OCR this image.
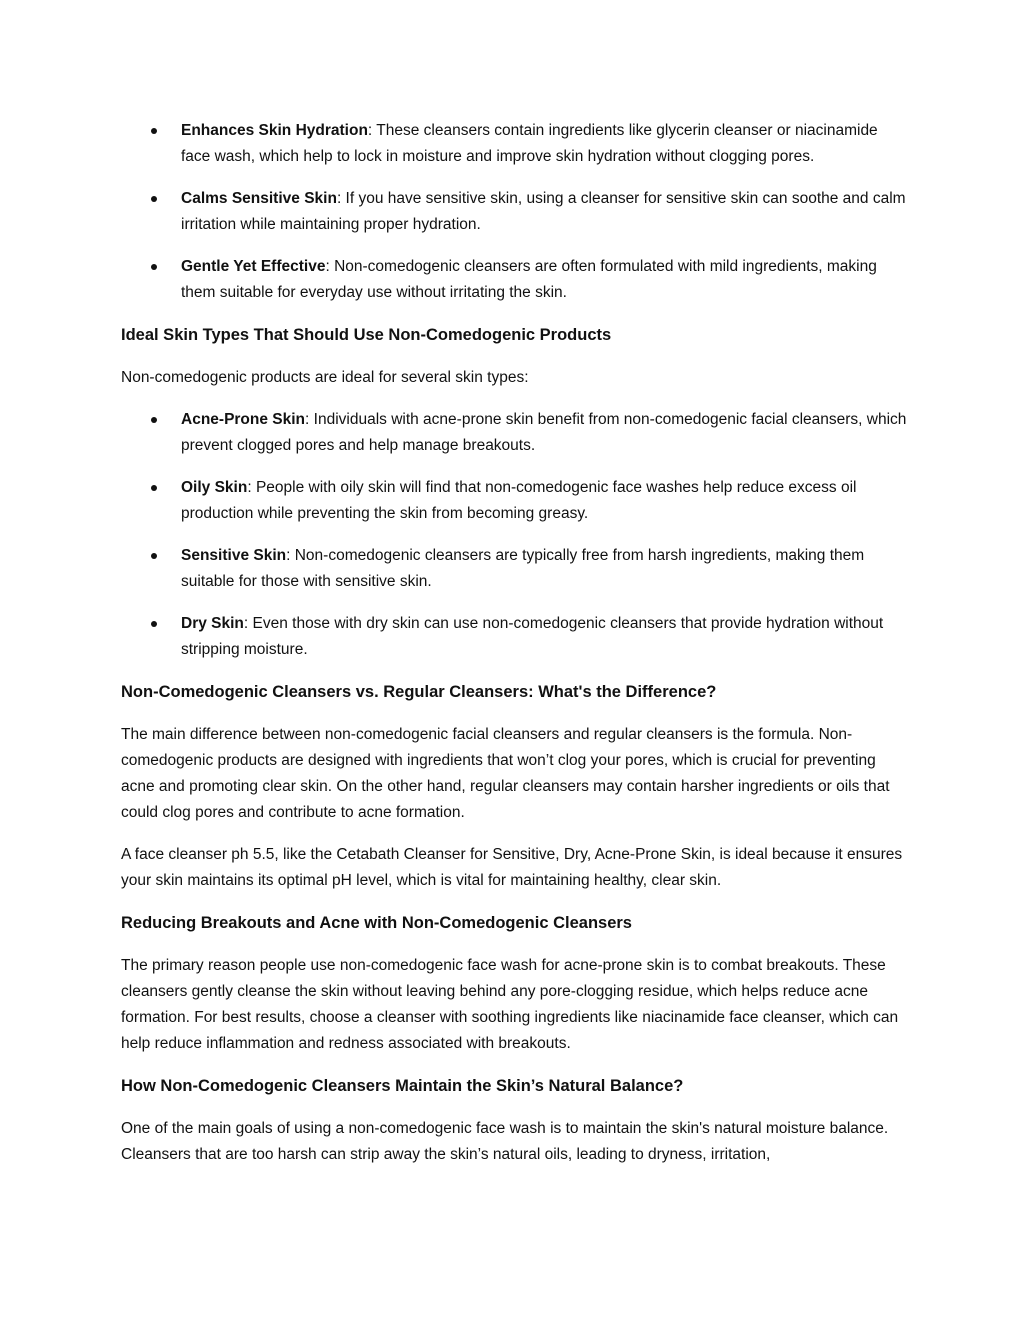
Enhances Skin Hydration: These cleansers contain ingredients like glycerin cleanser or niacinamide face wash, which help to lock in moisture and improve skin hydration without clogging pores.
Calms Sensitive Skin: If you have sensitive skin, using a cleanser for sensitive skin can soothe and calm irritation while maintaining proper hydration.
Gentle Yet Effective: Non-comedogenic cleansers are often formulated with mild ingredients, making them suitable for everyday use without irritating the skin.
Ideal Skin Types That Should Use Non-Comedogenic Products

Non-comedogenic products are ideal for several skin types:

Acne-Prone Skin: Individuals with acne-prone skin benefit from non-comedogenic facial cleansers, which prevent clogged pores and help manage breakouts.
Oily Skin: People with oily skin will find that non-comedogenic face washes help reduce excess oil production while preventing the skin from becoming greasy.
Sensitive Skin: Non-comedogenic cleansers are typically free from harsh ingredients, making them suitable for those with sensitive skin.
Dry Skin: Even those with dry skin can use non-comedogenic cleansers that provide hydration without stripping moisture.
Non-Comedogenic Cleansers vs. Regular Cleansers: What's the Difference?

The main difference between non-comedogenic facial cleansers and regular cleansers is the formula. Non-comedogenic products are designed with ingredients that won’t clog your pores, which is crucial for preventing acne and promoting clear skin. On the other hand, regular cleansers may contain harsher ingredients or oils that could clog pores and contribute to acne formation.

A face cleanser ph 5.5, like the Cetabath Cleanser for Sensitive, Dry, Acne-Prone Skin, is ideal because it ensures your skin maintains its optimal pH level, which is vital for maintaining healthy, clear skin.

Reducing Breakouts and Acne with Non-Comedogenic Cleansers

The primary reason people use non-comedogenic face wash for acne-prone skin is to combat breakouts. These cleansers gently cleanse the skin without leaving behind any pore-clogging residue, which helps reduce acne formation. For best results, choose a cleanser with soothing ingredients like niacinamide face cleanser, which can help reduce inflammation and redness associated with breakouts.

How Non-Comedogenic Cleansers Maintain the Skin’s Natural Balance?

One of the main goals of using a non-comedogenic face wash is to maintain the skin's natural moisture balance. Cleansers that are too harsh can strip away the skin’s natural oils, leading to dryness, irritation,
